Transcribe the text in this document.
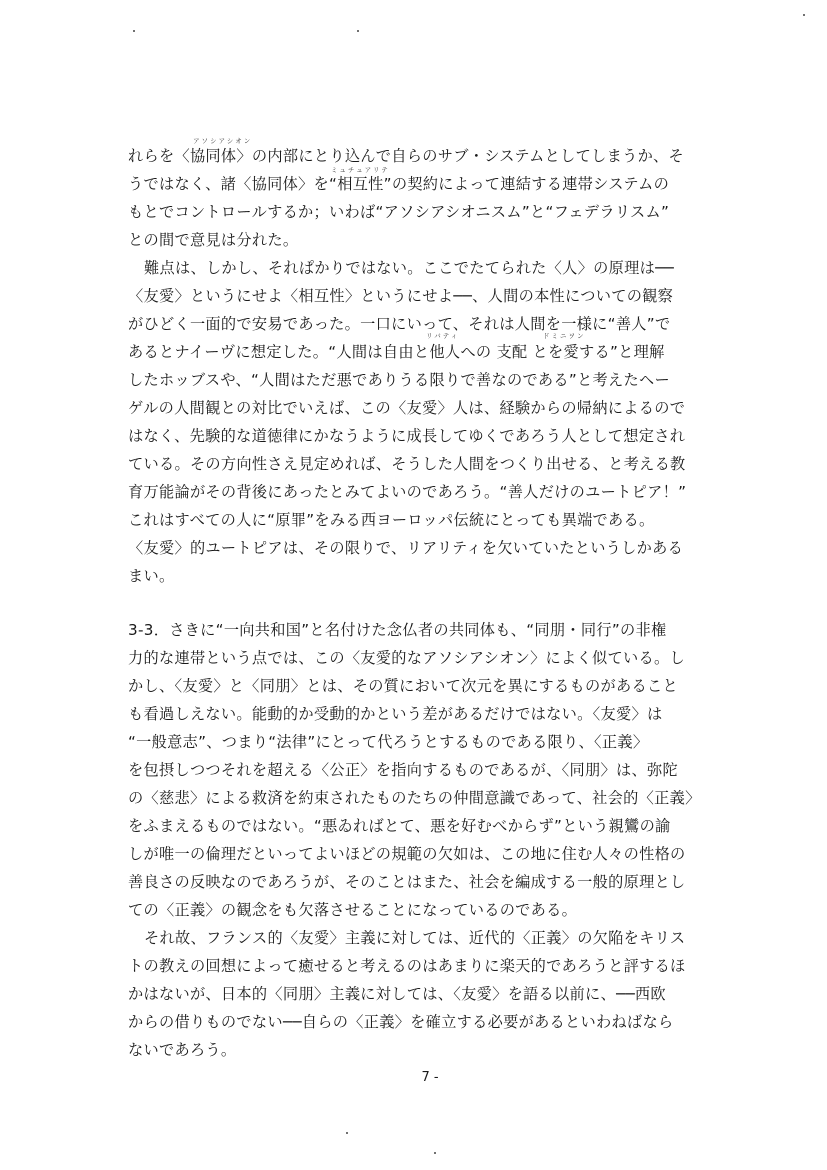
アソシアシオン
ミュチュアリテ
リバティ	ドミニヲン
れらを〈協同体〉の内部にとり込んで自らのサブ・システムとしてしまうか、そ
うではなく、諸〈協同体〉を“相互性”の契約によって連結する連帯システムの
もとでコントロールするか；いわば“アソシアシオニスム”と“フェデラリスム”
との間で意見は分れた。
難点は、しかし、それぱかりではない。ここでたてられた〈人〉の原理は──
〈友愛〉というにせよ〈相互性〉というにせよ──、人間の本性についての観察
がひどく一面的で安易であった。一口にいって、それは人間を一様に“善人”で
あるとナイーヴに想定した。“人間は自由と他人への 支配 とを愛する”と理解
したホッブスや、“人間はただ悪でありうる限りで善なのである”と考えたヘー
ゲルの人間観との対比でいえば、この〈友愛〉人は、経験からの帰納によるので
はなく、先験的な道徳律にかなうように成長してゆくであろう人として想定され
ている。その方向性さえ見定めれば、そうした人間をつくり出せる、と考える教
育万能論がその背後にあったとみてよいのであろう。“善人だけのユートピア！”
これはすべての人に“原罪”をみる西ヨーロッパ伝統にとっても異端である。
〈友愛〉的ユートピアは、その限りで、リアリティを欠いていたというしかある
まい。
3-3．さきに“一向共和国”と名付けた念仏者の共同体も、“同朋・同行”の非権
力的な連帯という点では、この〈友愛的なアソシアシオン〉によく似ている。し
かし、〈友愛〉と〈同朋〉とは、その質において次元を異にするものがあること
も看過しえない。能動的か受動的かという差があるだけではない。〈友愛〉は
“一般意志”、つまり“法律”にとって代ろうとするものである限り、〈正義〉
を包摂しつつそれを超える〈公正〉を指向するものであるが、〈同朋〉は、弥陀
の〈慈悲〉による救済を約束されたものたちの仲間意識であって、社会的〈正義〉
をふまえるものではない。“悪ゐればとて、悪を好むべからず”という親鸞の諭
しが唯一の倫理だといってよいほどの規範の欠如は、この地に住む人々の性格の
善良さの反映なのであろうが、そのことはまた、社会を編成する一般的原理とし
ての〈正義〉の観念をも欠落させることになっているのである。
それ故、フランス的〈友愛〉主義に対しては、近代的〈正義〉の欠陥をキリス
トの教えの回想によって癒せると考えるのはあまりに楽天的であろうと評するほ
かはないが、日本的〈同朋〉主義に対しては、〈友愛〉を語る以前に、──西欧
からの借りものでない──自らの〈正義〉を確立する必要があるといわねばなら
ないであろう。
7 -
